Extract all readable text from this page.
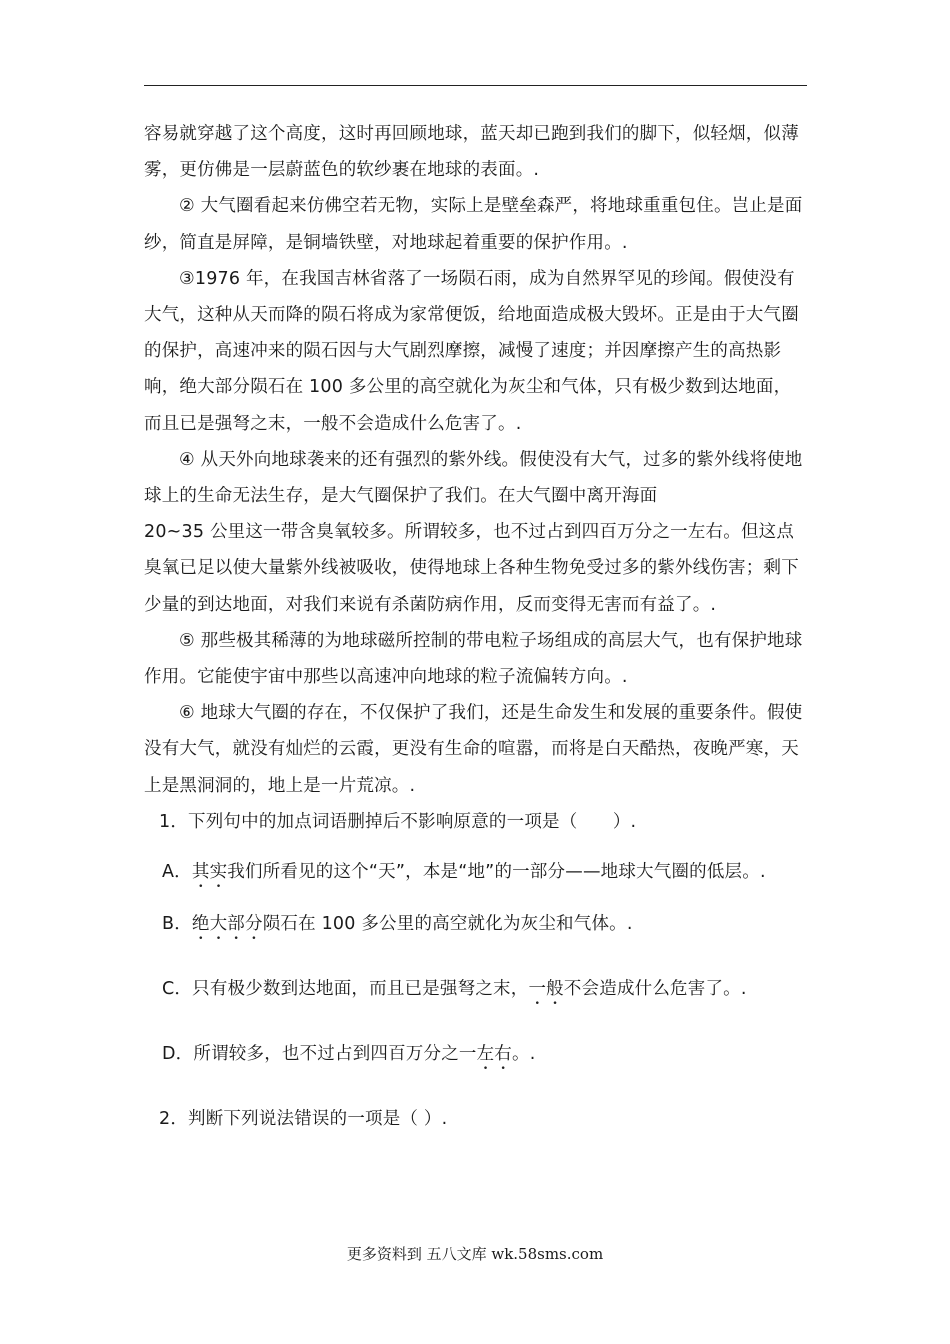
容易就穿越了这个高度，这时再回顾地球，蓝天却已跑到我们的脚下，似轻烟，似薄雾，更仿佛是一层蔚蓝色的软纱裹在地球的表面。.

② 大气圈看起来仿佛空若无物，实际上是壁垒森严，将地球重重包住。岂止是面纱，简直是屏障，是铜墙铁壁，对地球起着重要的保护作用。.

③1976 年，在我国吉林省落了一场陨石雨，成为自然界罕见的珍闻。假使没有大气，这种从天而降的陨石将成为家常便饭，给地面造成极大毁坏。正是由于大气圈的保护，高速冲来的陨石因与大气剧烈摩擦，减慢了速度；并因摩擦产生的高热影响，绝大部分陨石在 100 多公里的高空就化为灰尘和气体，只有极少数到达地面，而且已是强弩之末，一般不会造成什么危害了。.

④ 从天外向地球袭来的还有强烈的紫外线。假使没有大气，过多的紫外线将使地球上的生命无法生存，是大气圈保护了我们。在大气圈中离开海面

20~35 公里这一带含臭氧较多。所谓较多，也不过占到四百万分之一左右。但这点臭氧已足以使大量紫外线被吸收，使得地球上各种生物免受过多的紫外线伤害；剩下少量的到达地面，对我们来说有杀菌防病作用，反而变得无害而有益了。.

⑤ 那些极其稀薄的为地球磁所控制的带电粒子场组成的高层大气，也有保护地球作用。它能使宇宙中那些以高速冲向地球的粒子流偏转方向。.

⑥ 地球大气圈的存在，不仅保护了我们，还是生命发生和发展的重要条件。假使没有大气，就没有灿烂的云霞，更没有生命的喧嚣，而将是白天酷热，夜晚严寒，天上是黑洞洞的，地上是一片荒凉。.

1．下列句中的加点词语删掉后不影响原意的一项是（　　）.

A．其实我们所看见的这个“天”，本是“地”的一部分——地球大气圈的低层。.

B．绝大部分陨石在 100 多公里的高空就化为灰尘和气体。.

C．只有极少数到达地面，而且已是强弩之末，一般不会造成什么危害了。.

D．所谓较多，也不过占到四百万分之一左右。.

2．判断下列说法错误的一项是（ ）.

更多资料到 五八文库 wk.58sms.com
